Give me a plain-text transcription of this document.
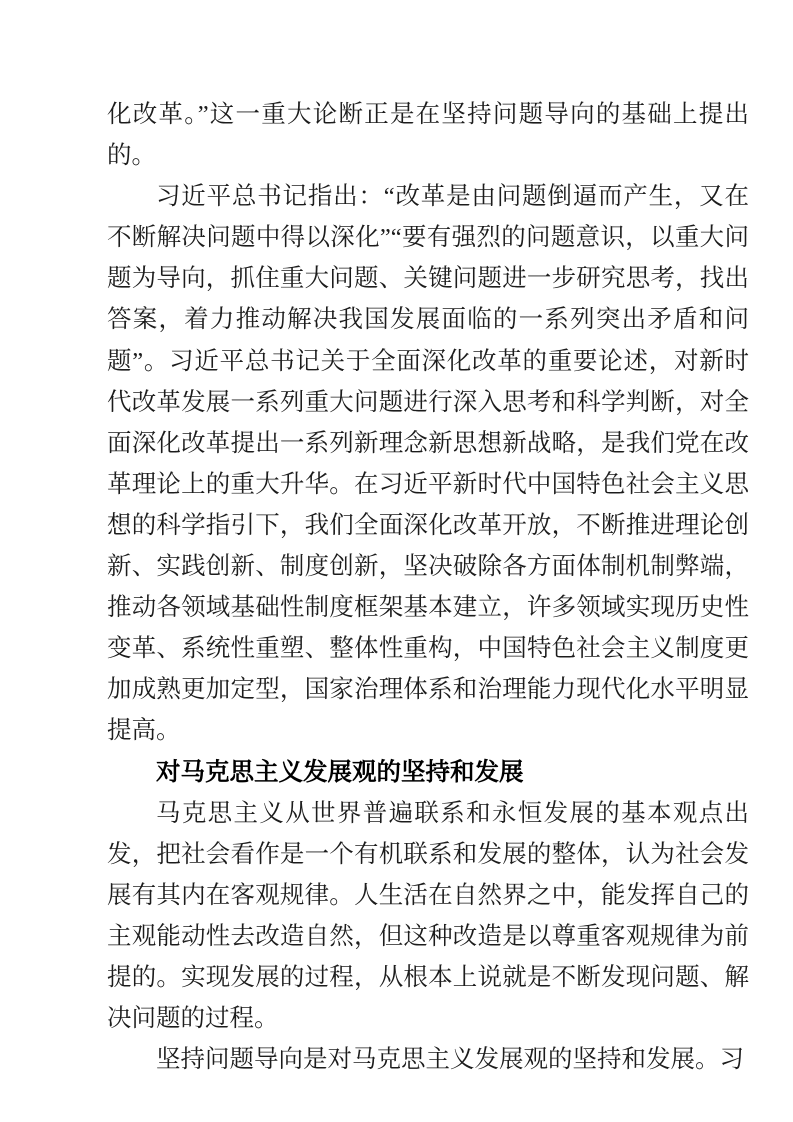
化改革。”这一重大论断正是在坚持问题导向的基础上提出的。

习近平总书记指出：“改革是由问题倒逼而产生，又在不断解决问题中得以深化”“要有强烈的问题意识，以重大问题为导向，抓住重大问题、关键问题进一步研究思考，找出答案，着力推动解决我国发展面临的一系列突出矛盾和问题”。习近平总书记关于全面深化改革的重要论述，对新时代改革发展一系列重大问题进行深入思考和科学判断，对全面深化改革提出一系列新理念新思想新战略，是我们党在改革理论上的重大升华。在习近平新时代中国特色社会主义思想的科学指引下，我们全面深化改革开放，不断推进理论创新、实践创新、制度创新，坚决破除各方面体制机制弊端，推动各领域基础性制度框架基本建立，许多领域实现历史性变革、系统性重塑、整体性重构，中国特色社会主义制度更加成熟更加定型，国家治理体系和治理能力现代化水平明显提高。

对马克思主义发展观的坚持和发展

马克思主义从世界普遍联系和永恒发展的基本观点出发，把社会看作是一个有机联系和发展的整体，认为社会发展有其内在客观规律。人生活在自然界之中，能发挥自己的主观能动性去改造自然，但这种改造是以尊重客观规律为前提的。实现发展的过程，从根本上说就是不断发现问题、解决问题的过程。

坚持问题导向是对马克思主义发展观的坚持和发展。习
